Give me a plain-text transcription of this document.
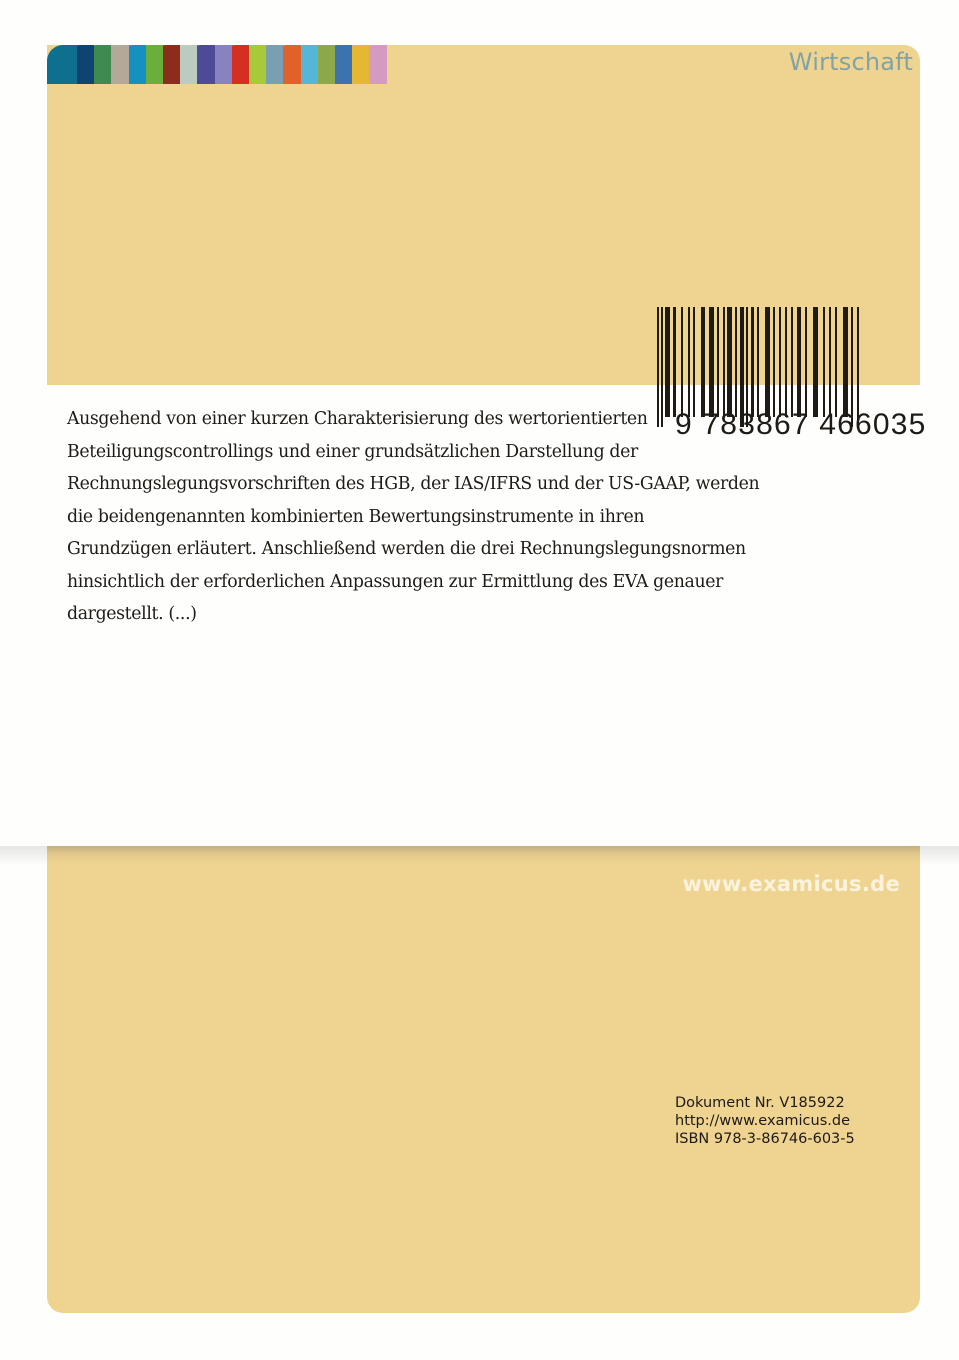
Wirtschaft
Ausgehend von einer kurzen Charakterisierung des wertorientierten
Beteiligungscontrollings und einer grundsätzlichen Darstellung der
Rechnungslegungsvorschriften des HGB, der IAS/IFRS und der US-GAAP, werden
die beidengenannten kombinierten Bewertungsinstrumente in ihren
Grundzügen erläutert. Anschließend werden die drei Rechnungslegungsnormen
hinsichtlich der erforderlichen Anpassungen zur Ermittlung des EVA genauer
dargestellt. (...)
www.examicus.de
Dokument Nr. V185922
http://www.examicus.de
ISBN 978-3-86746-603-5
9 783867 466035
